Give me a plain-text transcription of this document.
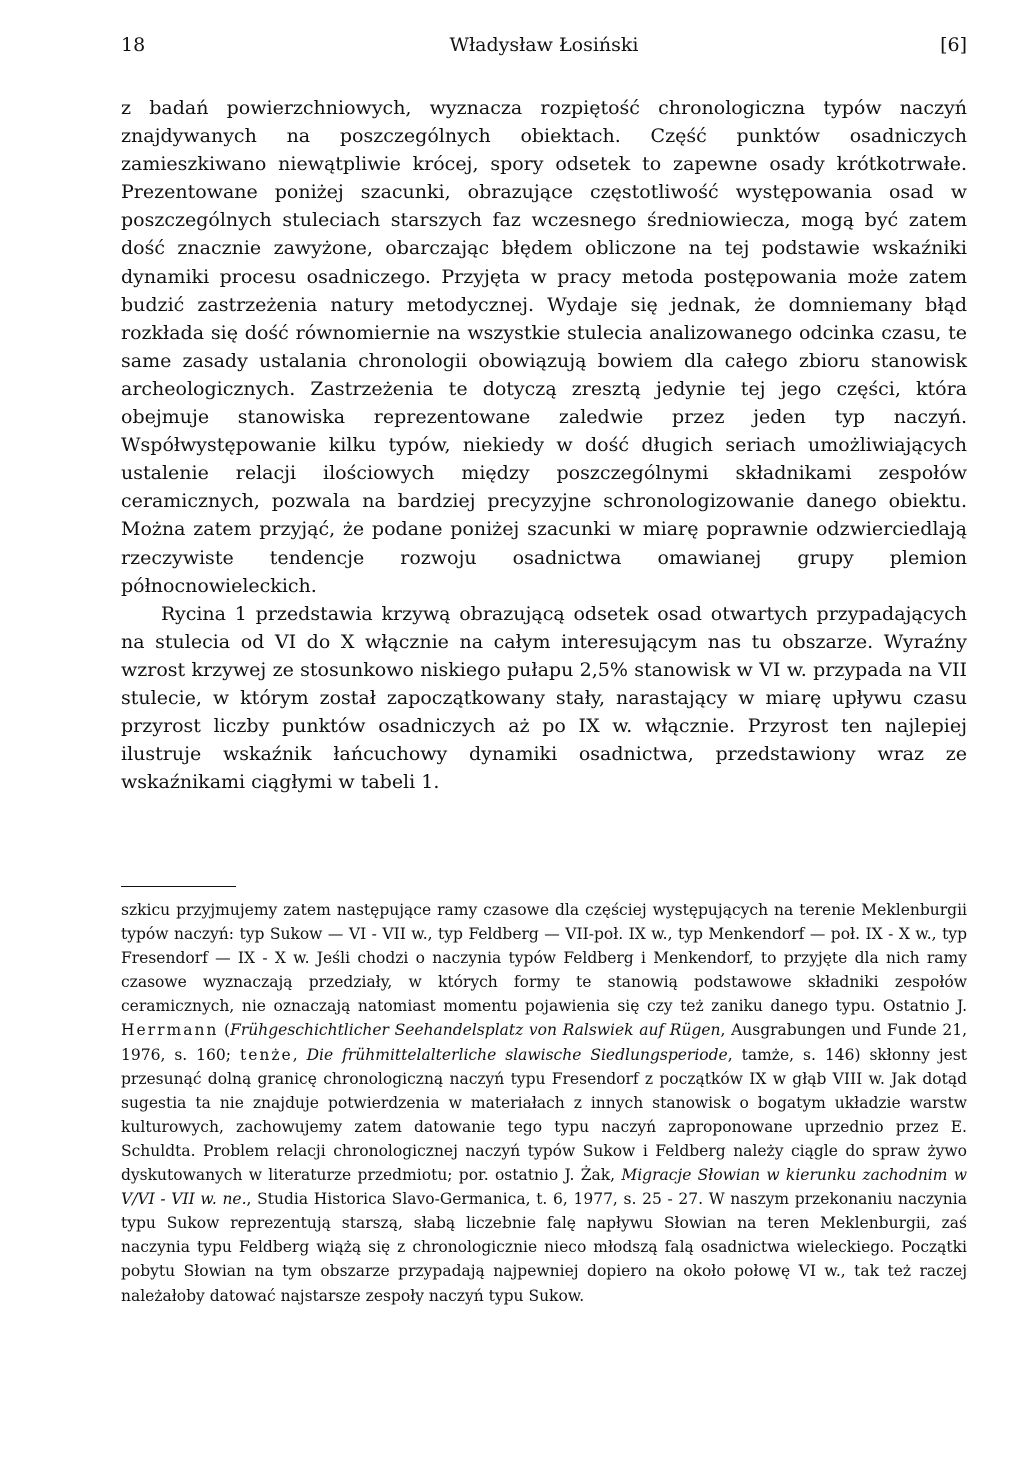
18	Władysław Łosiński	[6]

z badań powierzchniowych, wyznacza rozpiętość chronologiczna typów naczyń znajdywanych na poszczególnych obiektach. Część punktów osadniczych zamieszkiwano niewątpliwie krócej, spory odsetek to zapewne osady krótkotrwałe. Prezentowane poniżej szacunki, obrazujące częstotliwość występowania osad w poszczególnych stuleciach starszych faz wczesnego średniowiecza, mogą być zatem dość znacznie zawyżone, obarczając błędem obliczone na tej podstawie wskaźniki dynamiki procesu osadniczego. Przyjęta w pracy metoda postępowania może zatem budzić zastrzeżenia natury metodycznej. Wydaje się jednak, że domniemany błąd rozkłada się dość równomiernie na wszystkie stulecia analizowanego odcinka czasu, te same zasady ustalania chronologii obowiązują bowiem dla całego zbioru stanowisk archeologicznych. Zastrzeżenia te dotyczą zresztą jedynie tej jego części, która obejmuje stanowiska reprezentowane zaledwie przez jeden typ naczyń. Współwystępowanie kilku typów, niekiedy w dość długich seriach umożliwiających ustalenie relacji ilościowych między poszczególnymi składnikami zespołów ceramicznych, pozwala na bardziej precyzyjne schronologizowanie danego obiektu. Można zatem przyjąć, że podane poniżej szacunki w miarę poprawnie odzwierciedlają rzeczywiste tendencje rozwoju osadnictwa omawianej grupy plemion północnowieleckich.

Rycina 1 przedstawia krzywą obrazującą odsetek osad otwartych przypadających na stulecia od VI do X włącznie na całym interesującym nas tu obszarze. Wyraźny wzrost krzywej ze stosunkowo niskiego pułapu 2,5% stanowisk w VI w. przypada na VII stulecie, w którym został zapoczątkowany stały, narastający w miarę upływu czasu przyrost liczby punktów osadniczych aż po IX w. włącznie. Przyrost ten najlepiej ilustruje wskaźnik łańcuchowy dynamiki osadnictwa, przedstawiony wraz ze wskaźnikami ciągłymi w tabeli 1.

szkicu przyjmujemy zatem następujące ramy czasowe dla częściej występujących na terenie Meklenburgii typów naczyń: typ Sukow — VI - VII w., typ Feldberg — VII-poł. IX w., typ Menkendorf — poł. IX - X w., typ Fresendorf — IX - X w. Jeśli chodzi o naczynia typów Feldberg i Menkendorf, to przyjęte dla nich ramy czasowe wyznaczają przedziały, w których formy te stanowią podstawowe składniki zespołów ceramicznych, nie oznaczają natomiast momentu pojawienia się czy też zaniku danego typu. Ostatnio J. Herrmann (Frühgeschichtlicher Seehandelsplatz von Ralswiek auf Rügen, Ausgrabungen und Funde 21, 1976, s. 160; tenże, Die frühmittelalterliche slawische Siedlungsperiode, tamże, s. 146) skłonny jest przesunąć dolną granicę chronologiczną naczyń typu Fresendorf z początków IX w głąb VIII w. Jak dotąd sugestia ta nie znajduje potwierdzenia w materiałach z innych stanowisk o bogatym układzie warstw kulturowych, zachowujemy zatem datowanie tego typu naczyń zaproponowane uprzednio przez E. Schuldta. Problem relacji chronologicznej naczyń typów Sukow i Feldberg należy ciągle do spraw żywo dyskutowanych w literaturze przedmiotu; por. ostatnio J. Żak, Migracje Słowian w kierunku zachodnim w V/VI - VII w. ne., Studia Historica Slavo-Germanica, t. 6, 1977, s. 25 - 27. W naszym przekonaniu naczynia typu Sukow reprezentują starszą, słabą liczebnie falę napływu Słowian na teren Meklenburgii, zaś naczynia typu Feldberg wiążą się z chronologicznie nieco młodszą falą osadnictwa wieleckiego. Początki pobytu Słowian na tym obszarze przypadają najpewniej dopiero na około połowę VI w., tak też raczej należałoby datować najstarsze zespoły naczyń typu Sukow.
